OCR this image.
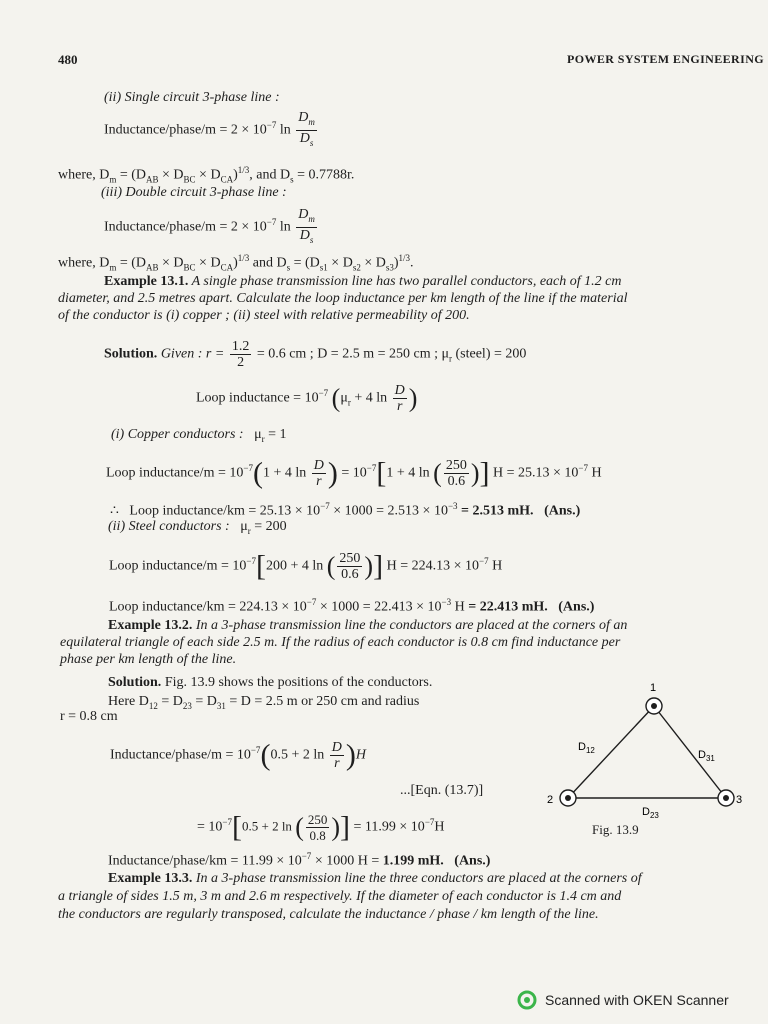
480	POWER SYSTEM ENGINEERING
(ii) Single circuit 3-phase line :
Inductance/phase/m = $2 \times 10^{-7}$ $\ln \frac{D_m}{D_s}$
where, $D_m = (D_{AB} \times D_{BC} \times D_{CA})^{1/3}$, and $D_s = 0.7788r$.
(iii) Double circuit 3-phase line :
Inductance/phase/m = $2 \times 10^{-7}$ $\ln \frac{D_m}{D_s}$
where, $D_m = (D_{AB} \times D_{BC} \times D_{CA})^{1/3}$ and $D_s = (D_{s1} \times D_{s2} \times D_{s3})^{1/3}$.
Example 13.1. A single phase transmission line has two parallel conductors, each of 1.2 cm
diameter, and 2.5 metres apart. Calculate the loop inductance per km length of the line if the material
of the conductor is (i) copper ; (ii) steel with relative permeability of 200.
Solution. Given : $r = \frac{1.2}{2} = 0.6$ cm ; D = 2.5 m = 250 cm ; $\mu_r$ (steel) = 200
Loop inductance = $10^{-7}$ ($\mu_r + 4$ $\ln \frac{D}{r}$ )
(i) Copper conductors : $\mu_r = 1$
Loop inductance/m = $10^{-7}(1 + 4$ $\ln \frac{D}{r}$ ) = $10^{-7}[1 + 4$ ln ( $\frac{250}{0.6}$ )] $H = 25.13 \times 10^{-7}$ H
∴ Loop inductance/km = $25.13 \times 10^{-7} \times 1000 = 2.513 \times 10^{-3} = 2.513$ mH. (Ans.)
(ii) Steel conductors : $\mu_r = 200$
Loop inductance/m = $10^{-7}[200 + 4$ ln ( $\frac{250}{0.6}$ )] $H = 224.13 \times 10^{-7}$ H
Loop inductance/km = $224.13 \times 10^{-7} \times 1000 = 22.413 \times 10^{-3}$ H = 22.413 mH. (Ans.)
Example 13.2. In a 3-phase transmission line the conductors are placed at the corners of an
equilateral triangle of each side 2.5 m. If the radius of each conductor is 0.8 cm find inductance per
phase per km length of the line.
Solution. Fig. 13.9 shows the positions of the conductors.
Here $D_{12} = D_{23} = D_{31} = D = 2.5$ m or 250 cm and radius
r = 0.8 cm
Inductance/phase/m = $10^{-7}(0.5 + 2$ $\ln \frac{D}{r} )H$
...[Eqn. (13.7)]
= $10^{-7}[0.5 + 2$ ln ( $\frac{250}{0.8}$ )] = $11.99 \times 10^{-7}H$
Inductance/phase/km = $11.99 \times 10^{-7} \times 1000$ H = 1.199 mH. (Ans.)
1
2	3
$D_{12}$	$D_{31}$
$D_{23}$
Fig. 13.9
Example 13.3. In a 3-phase transmission line the three conductors are placed at the corners of
a triangle of sides 1.5 m, 3 m and 2.6 m respectively. If the diameter of each conductor is 1.4 cm and
the conductors are regularly transposed, calculate the inductance / phase / km length of the line.
Scanned with OKEN Scanner
